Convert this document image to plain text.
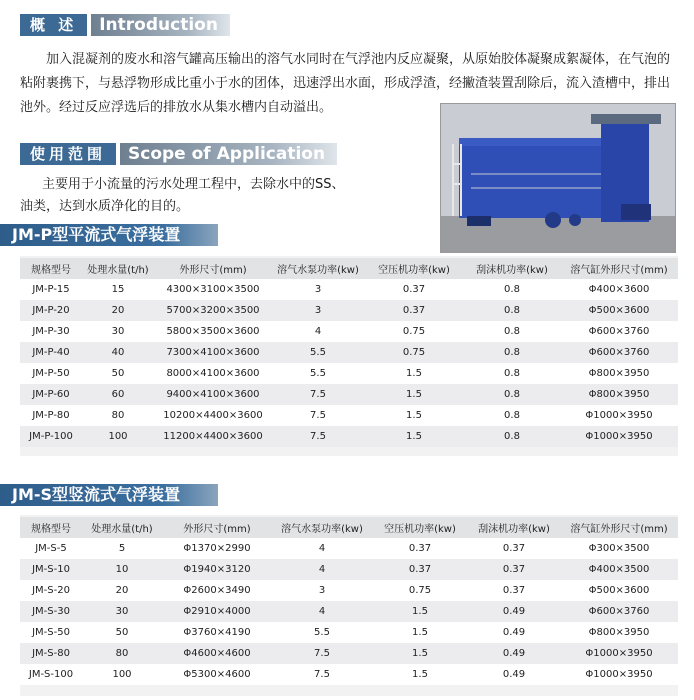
概 述	Introduction
加入混凝剂的废水和溶气罐高压输出的溶气水同时在气浮池内反应凝聚，从原始胶体凝聚成絮凝体，在气泡的粘附裹携下，与悬浮物形成比重小于水的团体，迅速浮出水面，形成浮渣，经撇渣装置刮除后，流入渣槽中，排出池外。经过反应浮选后的排放水从集水槽内自动溢出。
使用范围	Scope of Application
主要用于小流量的污水处理工程中，去除水中的SS、油类，达到水质净化的目的。
JM-P型平流式气浮装置
规格型号	处理水量(t/h)	外形尺寸(mm)	溶气水泵功率(kw)	空压机功率(kw)	刮沫机功率(kw)	溶气缸外形尺寸(mm)
JM-P-15	15	4300×3100×3500	3	0.37	0.8	Φ400×3600
JM-P-20	20	5700×3200×3500	3	0.37	0.8	Φ500×3600
JM-P-30	30	5800×3500×3600	4	0.75	0.8	Φ600×3760
JM-P-40	40	7300×4100×3600	5.5	0.75	0.8	Φ600×3760
JM-P-50	50	8000×4100×3600	5.5	1.5	0.8	Φ800×3950
JM-P-60	60	9400×4100×3600	7.5	1.5	0.8	Φ800×3950
JM-P-80	80	10200×4400×3600	7.5	1.5	0.8	Φ1000×3950
JM-P-100	100	11200×4400×3600	7.5	1.5	0.8	Φ1000×3950
JM-S型竖流式气浮装置
规格型号	处理水量(t/h)	外形尺寸(mm)	溶气水泵功率(kw)	空压机功率(kw)	刮沫机功率(kw)	溶气缸外形尺寸(mm)
JM-S-5	5	Φ1370×2990	4	0.37	0.37	Φ300×3500
JM-S-10	10	Φ1940×3120	4	0.37	0.37	Φ400×3500
JM-S-20	20	Φ2600×3490	3	0.75	0.37	Φ500×3600
JM-S-30	30	Φ2910×4000	4	1.5	0.49	Φ600×3760
JM-S-50	50	Φ3760×4190	5.5	1.5	0.49	Φ800×3950
JM-S-80	80	Φ4600×4600	7.5	1.5	0.49	Φ1000×3950
JM-S-100	100	Φ5300×4600	7.5	1.5	0.49	Φ1000×3950
